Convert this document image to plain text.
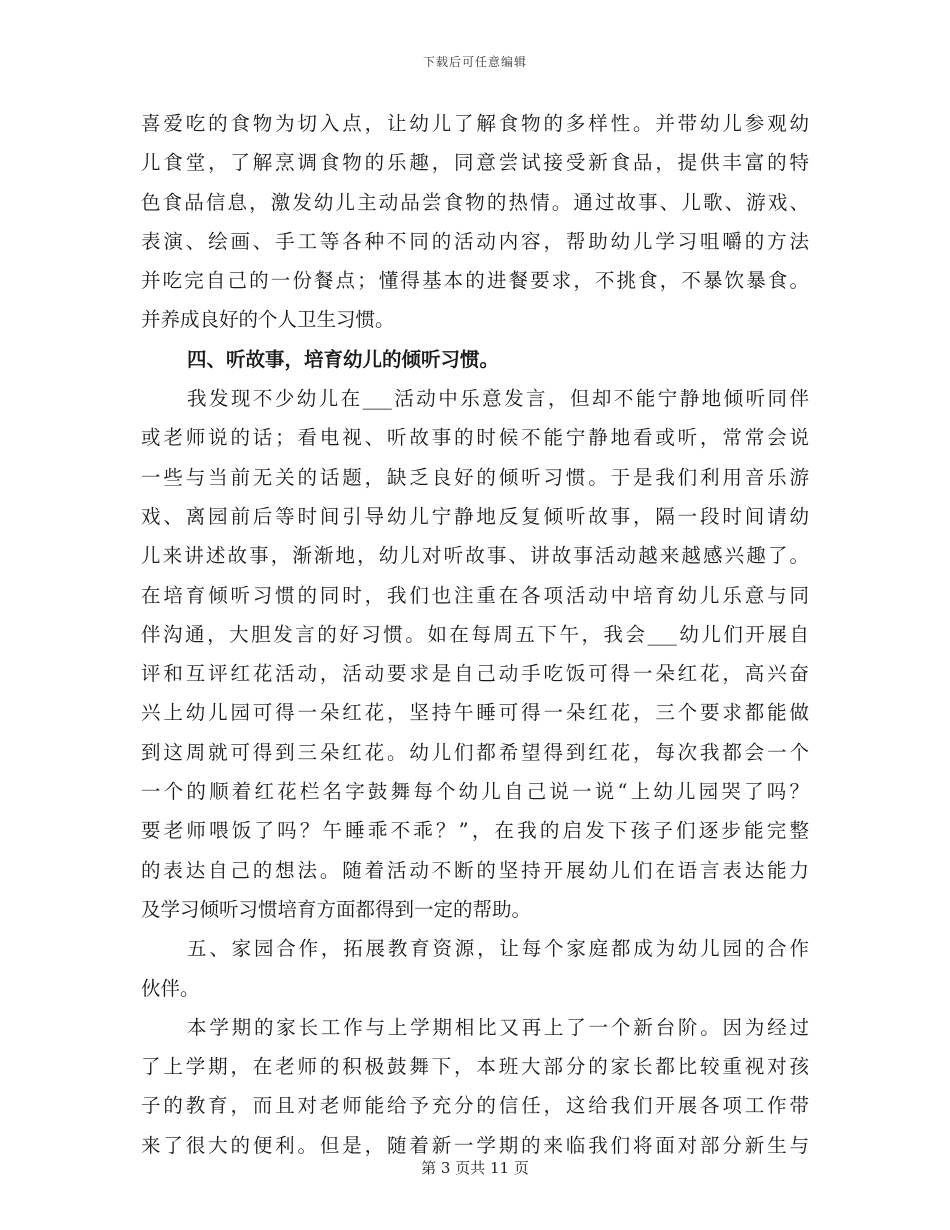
下载后可任意编辑
喜爱吃的食物为切入点，让幼儿了解食物的多样性。并带幼儿参观幼
儿食堂，了解烹调食物的乐趣，同意尝试接受新食品，提供丰富的特
色食品信息，激发幼儿主动品尝食物的热情。通过故事、儿歌、游戏、
表演、绘画、手工等各种不同的活动内容，帮助幼儿学习咀嚼的方法
并吃完自己的一份餐点；懂得基本的进餐要求，不挑食，不暴饮暴食。
并养成良好的个人卫生习惯。
四、听故事，培育幼儿的倾听习惯。
我发现不少幼儿在___活动中乐意发言，但却不能宁静地倾听同伴
或老师说的话；看电视、听故事的时候不能宁静地看或听，常常会说
一些与当前无关的话题，缺乏良好的倾听习惯。于是我们利用音乐游
戏、离园前后等时间引导幼儿宁静地反复倾听故事，隔一段时间请幼
儿来讲述故事，渐渐地，幼儿对听故事、讲故事活动越来越感兴趣了。
在培育倾听习惯的同时，我们也注重在各项活动中培育幼儿乐意与同
伴沟通，大胆发言的好习惯。如在每周五下午，我会___幼儿们开展自
评和互评红花活动，活动要求是自己动手吃饭可得一朵红花，高兴奋
兴上幼儿园可得一朵红花，坚持午睡可得一朵红花，三个要求都能做
到这周就可得到三朵红花。幼儿们都希望得到红花，每次我都会一个
一个的顺着红花栏名字鼓舞每个幼儿自己说一说“上幼儿园哭了吗？
要老师喂饭了吗？午睡乖不乖？”，在我的启发下孩子们逐步能完整
的表达自己的想法。随着活动不断的坚持开展幼儿们在语言表达能力
及学习倾听习惯培育方面都得到一定的帮助。
五、家园合作，拓展教育资源，让每个家庭都成为幼儿园的合作
伙伴。
本学期的家长工作与上学期相比又再上了一个新台阶。因为经过
了上学期，在老师的积极鼓舞下，本班大部分的家长都比较重视对孩
子的教育，而且对老师能给予充分的信任，这给我们开展各项工作带
来了很大的便利。但是，随着新一学期的来临我们将面对部分新生与
第 3 页共 11 页
